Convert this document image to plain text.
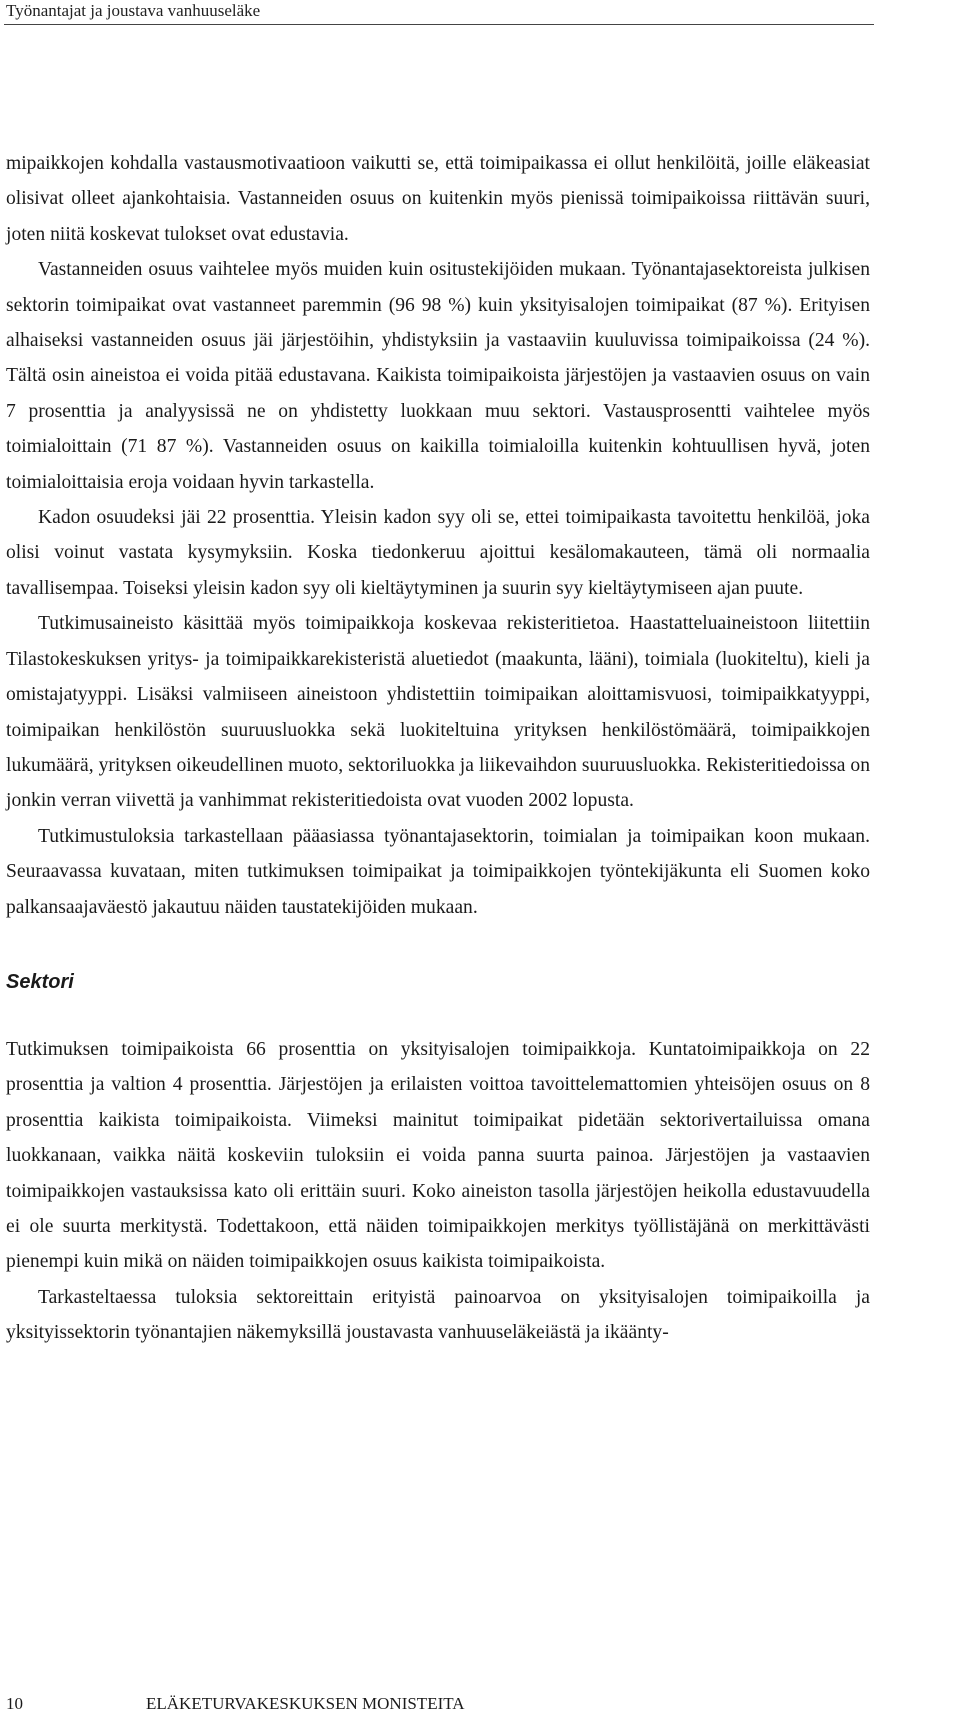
Työnantajat ja joustava vanhuuseläke

mipaikkojen kohdalla vastausmotivaatioon vaikutti se, että toimipaikassa ei ollut henkilöitä, joille eläkeasiat olisivat olleet ajankohtaisia. Vastanneiden osuus on kuitenkin myös pienissä toimipaikoissa riittävän suuri, joten niitä koskevat tulokset ovat edustavia.

Vastanneiden osuus vaihtelee myös muiden kuin ositustekijöiden mukaan. Työnantajasektoreista julkisen sektorin toimipaikat ovat vastanneet paremmin (96 98 %) kuin yksityisalojen toimipaikat (87 %). Erityisen alhaiseksi vastanneiden osuus jäi järjestöihin, yhdistyksiin ja vastaaviin kuuluvissa toimipaikoissa (24 %). Tältä osin aineistoa ei voida pitää edustavana. Kaikista toimipaikoista järjestöjen ja vastaavien osuus on vain 7 prosenttia ja analyysissä ne on yhdistetty luokkaan muu sektori. Vastausprosentti vaihtelee myös toimialoittain (71 87 %). Vastanneiden osuus on kaikilla toimialoilla kuitenkin kohtuullisen hyvä, joten toimialoittaisia eroja voidaan hyvin tarkastella.

Kadon osuudeksi jäi 22 prosenttia. Yleisin kadon syy oli se, ettei toimipaikasta tavoitettu henkilöä, joka olisi voinut vastata kysymyksiin. Koska tiedonkeruu ajoittui kesälomakauteen, tämä oli normaalia tavallisempaa. Toiseksi yleisin kadon syy oli kieltäytyminen ja suurin syy kieltäytymiseen ajan puute.

Tutkimusaineisto käsittää myös toimipaikkoja koskevaa rekisteritietoa. Haastatteluaineistoon liitettiin Tilastokeskuksen yritys- ja toimipaikkarekisteristä aluetiedot (maakunta, lääni), toimiala (luokiteltu), kieli ja omistajatyyppi. Lisäksi valmiiseen aineistoon yhdistettiin toimipaikan aloittamisvuosi, toimipaikkatyyppi, toimipaikan henkilöstön suuruusluokka sekä luokiteltuina yrityksen henkilöstömäärä, toimipaikkojen lukumäärä, yrityksen oikeudellinen muoto, sektoriluokka ja liikevaihdon suuruusluokka. Rekisteritiedoissa on jonkin verran viivettä ja vanhimmat rekisteritiedoista ovat vuoden 2002 lopusta.

Tutkimustuloksia tarkastellaan pääasiassa työnantajasektorin, toimialan ja toimipaikan koon mukaan. Seuraavassa kuvataan, miten tutkimuksen toimipaikat ja toimipaikkojen työntekijäkunta eli Suomen koko palkansaajaväestö jakautuu näiden taustatekijöiden mukaan.

Sektori

Tutkimuksen toimipaikoista 66 prosenttia on yksityisalojen toimipaikkoja. Kuntatoimipaikkoja on 22 prosenttia ja valtion 4 prosenttia. Järjestöjen ja erilaisten voittoa tavoittelemattomien yhteisöjen osuus on 8 prosenttia kaikista toimipaikoista. Viimeksi mainitut toimipaikat pidetään sektorivertailuissa omana luokkanaan, vaikka näitä koskeviin tuloksiin ei voida panna suurta painoa. Järjestöjen ja vastaavien toimipaikkojen vastauksissa kato oli erittäin suuri. Koko aineiston tasolla järjestöjen heikolla edustavuudella ei ole suurta merkitystä. Todettakoon, että näiden toimipaikkojen merkitys työllistäjänä on merkittävästi pienempi kuin mikä on näiden toimipaikkojen osuus kaikista toimipaikoista.

Tarkasteltaessa tuloksia sektoreittain erityistä painoarvoa on yksityisalojen toimipaikoilla ja yksityissektorin työnantajien näkemyksillä joustavasta vanhuuseläkeiästä ja ikäänty-

10	ELÄKETURVAKESKUKSEN MONISTEITA
